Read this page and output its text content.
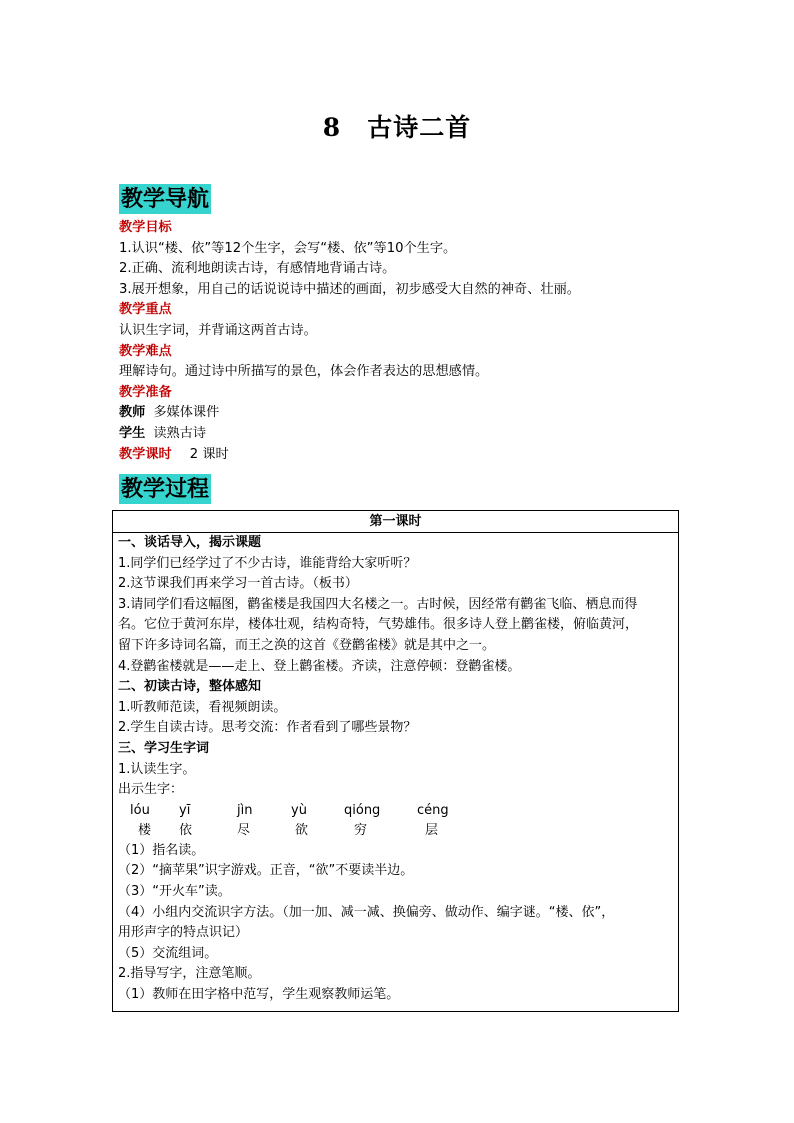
8 古诗二首
教学导航
教学目标
1.认识“楼、依”等12个生字，会写“楼、依”等10个生字。
2.正确、流利地朗读古诗，有感情地背诵古诗。
3.展开想象，用自己的话说说诗中描述的画面，初步感受大自然的神奇、壮丽。
教学重点
认识生字词，并背诵这两首古诗。
教学难点
理解诗句。通过诗中所描写的景色，体会作者表达的思想感情。
教学准备
教师 多媒体课件
学生 读熟古诗
教学课时 2 课时
教学过程
第一课时
一、谈话导入，揭示课题
1.同学们已经学过了不少古诗，谁能背给大家听听？
2.这节课我们再来学习一首古诗。（板书）
3.请同学们看这幅图，鹳雀楼是我国四大名楼之一。古时候，因经常有鹳雀飞临、栖息而得
名。它位于黄河东岸，楼体壮观，结构奇特，气势雄伟。很多诗人登上鹳雀楼，俯临黄河，
留下许多诗词名篇，而王之涣的这首《登鹳雀楼》就是其中之一。
4.登鹳雀楼就是——走上、登上鹳雀楼。齐读，注意停顿：登鹳雀楼。
二、初读古诗，整体感知
1.听教师范读，看视频朗读。
2.学生自读古诗。思考交流：作者看到了哪些景物？
三、学习生字词
1.认读生字。
出示生字：
lóu	yī	jìn	yù	qióng	céng
楼	依	尽	欲	穷	层
（1）指名读。
（2）“摘苹果”识字游戏。正音，“欲”不要读半边。
（3）“开火车”读。
（4）小组内交流识字方法。（加一加、减一减、换偏旁、做动作、编字谜。“楼、依”，
用形声字的特点识记）
（5）交流组词。
2.指导写字，注意笔顺。
（1）教师在田字格中范写，学生观察教师运笔。
